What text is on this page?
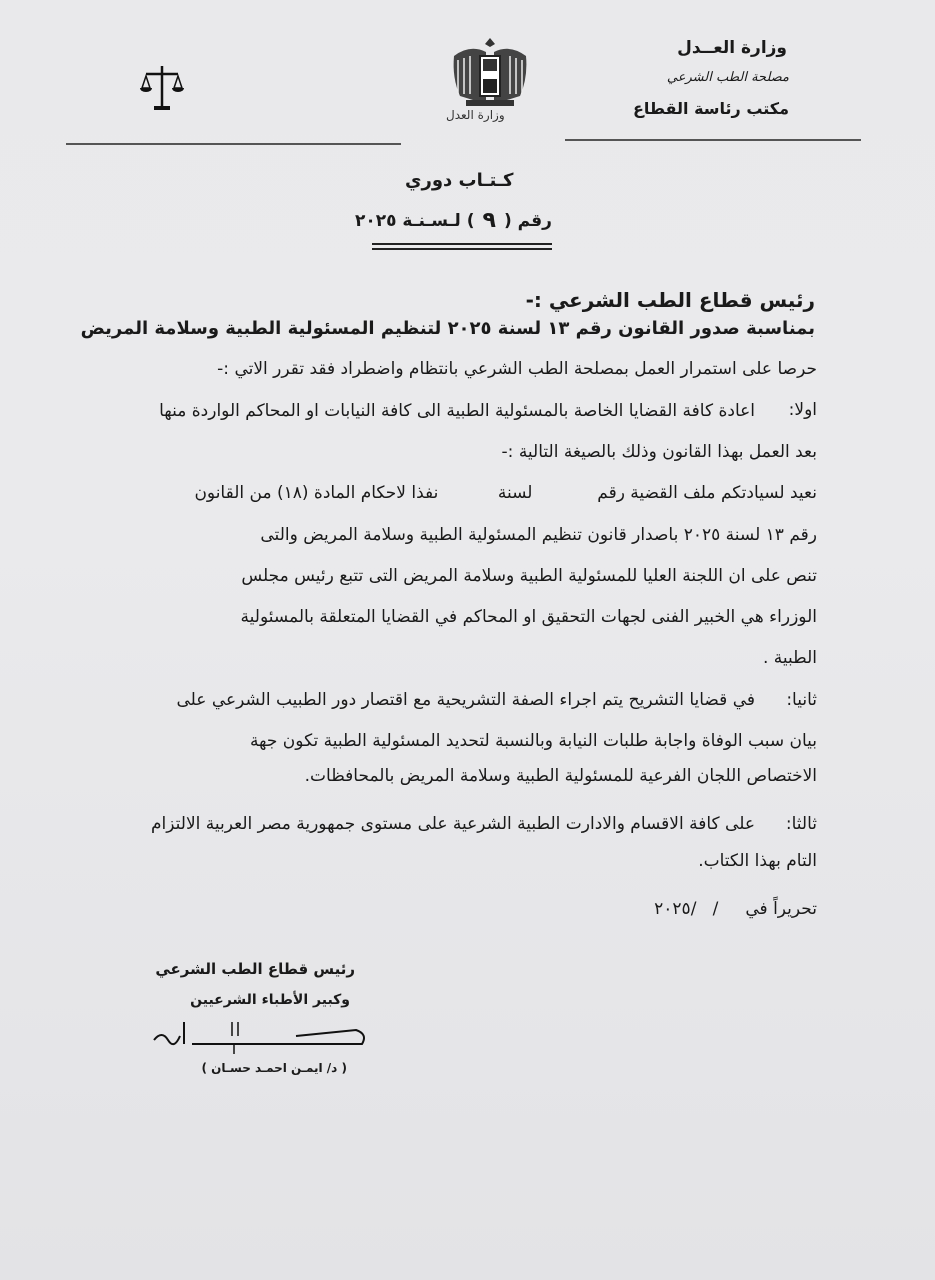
وزارة العــدل
مصلحة الطب الشرعي
مكتب رئاسة القطاع
وزارة العدل
كـتـاب دوري
رقم (
٩
) لـسـنـة ٢٠٢٥
رئيس قطاع الطب الشرعي :-
بمناسبة صدور القانون رقم ١٣ لسنة ٢٠٢٥ لتنظيم المسئولية الطبية وسلامة المريض
حرصا على استمرار العمل بمصلحة الطب الشرعي بانتظام واضطراد فقد تقرر الاتي :-
اولا:
اعادة كافة القضايا الخاصة بالمسئولية الطبية الى كافة النيابات او المحاكم الواردة منها
بعد العمل بهذا القانون وذلك بالصيغة التالية :-
نعيد لسيادتكم ملف القضية رقم            لسنة           نفذا لاحكام المادة (١٨) من القانون
رقم ١٣ لسنة ٢٠٢٥ باصدار قانون تنظيم المسئولية الطبية وسلامة المريض والتى
تنص على ان اللجنة العليا للمسئولية الطبية وسلامة المريض التى تتبع رئيس مجلس
الوزراء هي الخبير الفنى لجهات التحقيق او المحاكم في القضايا المتعلقة بالمسئولية
الطبية .
ثانيا:
في قضايا التشريح يتم اجراء الصفة التشريحية مع اقتصار دور الطبيب الشرعي على
بيان سبب الوفاة واجابة طلبات النيابة وبالنسبة لتحديد المسئولية الطبية تكون جهة
الاختصاص اللجان الفرعية للمسئولية الطبية وسلامة المريض بالمحافظات.
ثالثا:
على كافة الاقسام والادارت الطبية الشرعية على مستوى جمهورية مصر العربية الالتزام
التام بهذا الكتاب.
تحريراً في     /   /٢٠٢٥
رئيس قطاع الطب الشرعي
وكبير الأطباء الشرعيين
( د/ ايمـن احمـد حسـان )
